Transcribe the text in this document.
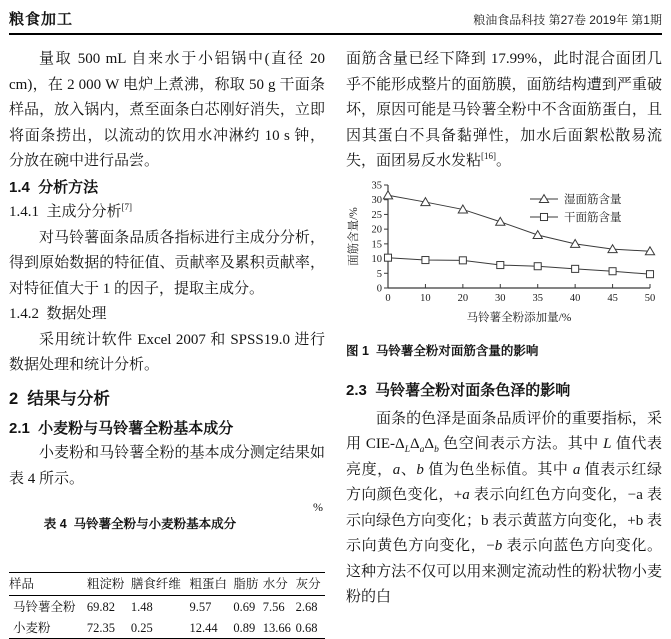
粮食加工	粮油食品科技 第27卷 2019年 第1期

量取 500 mL 自来水于小铝锅中(直径 20 cm)，在 2 000 W 电炉上煮沸，称取 50 g 干面条样品，放入锅内，煮至面条白芯刚好消失，立即将面条捞出，以流动的饮用水冲淋约 10 s 钟，分放在碗中进行品尝。

1.4  分析方法
1.4.1  主成分分析[7]

对马铃薯面条品质各指标进行主成分分析，得到原始数据的特征值、贡献率及累积贡献率，对特征值大于 1 的因子，提取主成分。

1.4.2  数据处理

采用统计软件 Excel 2007 和 SPSS19.0 进行数据处理和统计分析。

2  结果与分析
2.1  小麦粉与马铃薯全粉基本成分

小麦粉和马铃薯全粉的基本成分测定结果如表 4 所示。

表 4  马铃薯全粉与小麦粉基本成分

%

样品	粗淀粉	膳食纤维	粗蛋白	脂肪	水分	灰分
马铃薯全粉	69.82	1.48	9.57	0.69	7.56	2.68
小麦粉	72.35	0.25	12.44	0.89	13.66	0.68

面筋含量已经下降到 17.99%，此时混合面团几乎不能形成整片的面筋膜，面筋结构遭到严重破坏，原因可能是马铃薯全粉中不含面筋蛋白，且因其蛋白不具备黏弹性，加水后面絮松散易流失，面团易反水发粘[16]。

0
5
10
15
20
25
30
35
0	10	20	30	35	40	45	50
面筋含量/%
马铃薯全粉添加量/%
湿面筋含量
干面筋含量
图 1  马铃薯全粉对面筋含量的影响
2.3  马铃薯全粉对面条色泽的影响

面条的色泽是面条品质评价的重要指标，采用 CIE-$\Delta_L\Delta_a\Delta_b$ 色空间表示方法。其中 L 值代表亮度，a、b 值为色坐标值。其中 a 值表示红绿方向颜色变化，+a 表示向红色方向变化，−a 表示向绿色方向变化；b 表示黄蓝方向变化，+b 表示向黄色方向变化，−b 表示向蓝色方向变化。这种方法不仅可以用来测定流动性的粉状物小麦粉的白
